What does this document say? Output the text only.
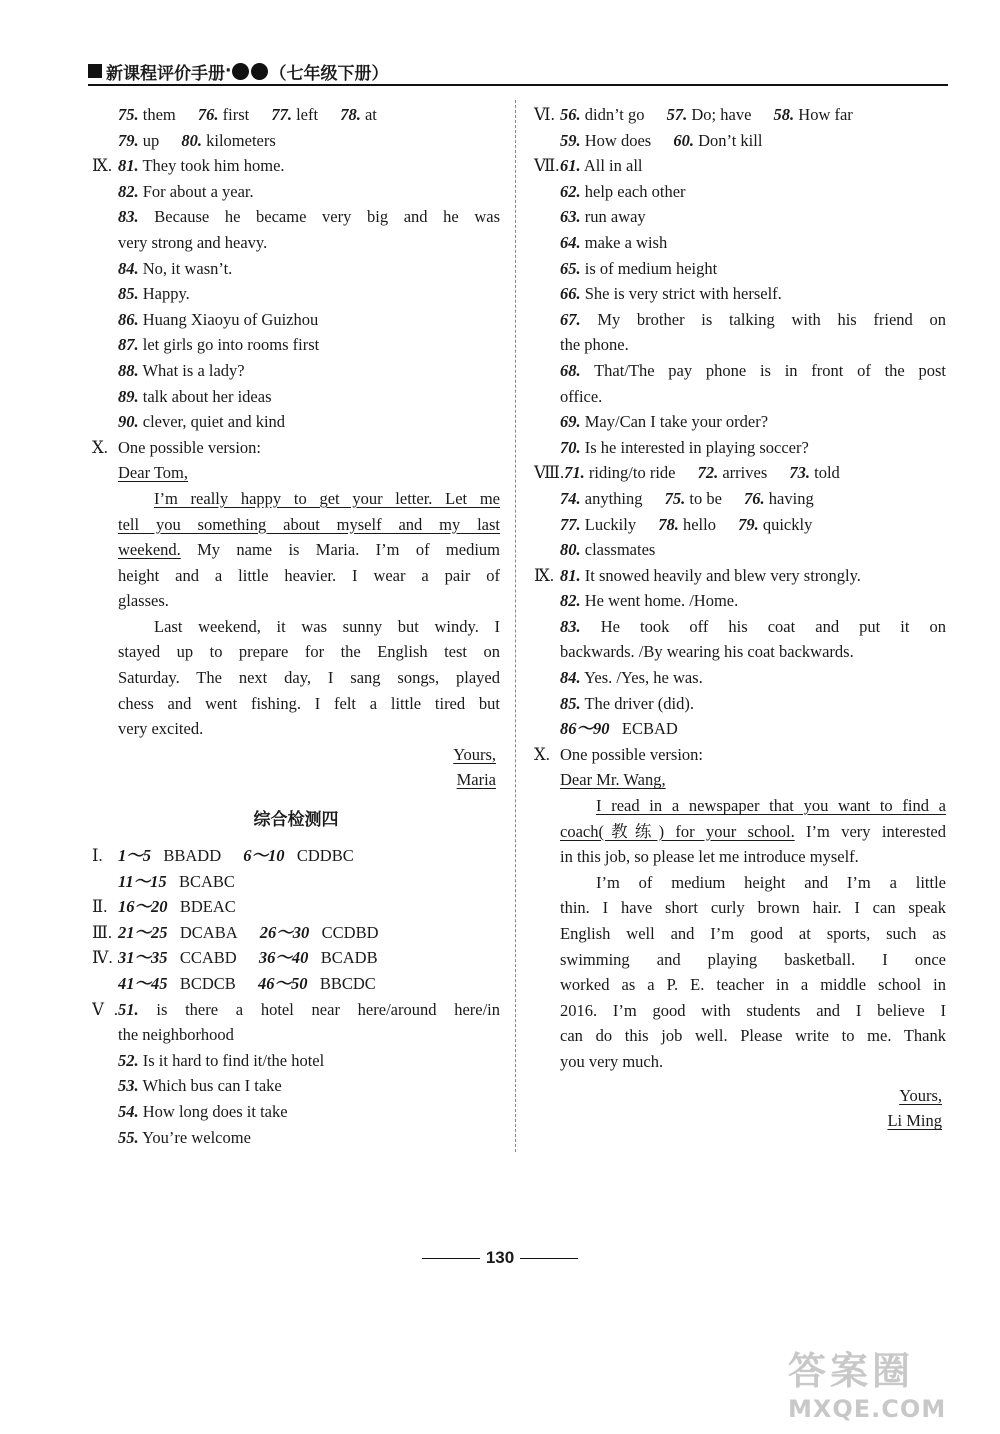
新课程评价手册 · （七年级下册）
75. them 76. first 77. left 78. at
79. up 80. kilometers
Ⅸ. 81. They took him home.
82. For about a year.
83. Because he became very big and he was
very strong and heavy.
84. No, it wasn’t.
85. Happy.
86. Huang Xiaoyu of Guizhou
87. let girls go into rooms first
88. What is a lady?
89. talk about her ideas
90. clever, quiet and kind
Ⅹ. One possible version:
Dear Tom,
I’m really happy to get your letter. Let me
tell you something about myself and my last
weekend. My name is Maria. I’m of medium
height and a little heavier. I wear a pair of
glasses.
Last weekend, it was sunny but windy. I
stayed up to prepare for the English test on
Saturday. The next day, I sang songs, played
chess and went fishing. I felt a little tired but
very excited.
Yours,
Maria
综合检测四
Ⅰ. 1～5 BBADD 6～10 CDDBC
11～15 BCABC
Ⅱ. 16～20 BDEAC
Ⅲ. 21～25 DCABA 26～30 CCDBD
Ⅳ. 31～35 CCABD 36～40 BCADB
41～45 BCDCB 46～50 BBCDC
Ⅴ.51. is there a hotel near here/around here/in
the neighborhood
52. Is it hard to find it/the hotel
53. Which bus can I take
54. How long does it take
55. You’re welcome
Ⅵ. 56. didn’t go 57. Do; have 58. How far
59. How does 60. Don’t kill
Ⅶ.61. All in all
62. help each other
63. run away
64. make a wish
65. is of medium height
66. She is very strict with herself.
67. My brother is talking with his friend on
the phone.
68. That/The pay phone is in front of the post
office.
69. May/Can I take your order?
70. Is he interested in playing soccer?
Ⅷ.71. riding/to ride 72. arrives 73. told
74. anything 75. to be 76. having
77. Luckily 78. hello 79. quickly
80. classmates
Ⅸ. 81. It snowed heavily and blew very strongly.
82. He went home. /Home.
83. He took off his coat and put it on
backwards. /By wearing his coat backwards.
84. Yes. /Yes, he was.
85. The driver (did).
86～90 ECBAD
Ⅹ. One possible version:
Dear Mr. Wang,
I read in a newspaper that you want to find a
coach(教练) for your school. I’m very interested
in this job, so please let me introduce myself.
I’m of medium height and I’m a little
thin. I have short curly brown hair. I can speak
English well and I’m good at sports, such as
swimming and playing basketball. I once
worked as a P. E. teacher in a middle school in
2016. I’m good with students and I believe I
can do this job well. Please write to me. Thank
you very much.
Yours,
Li Ming
130
答案圈
MXQE.COM
